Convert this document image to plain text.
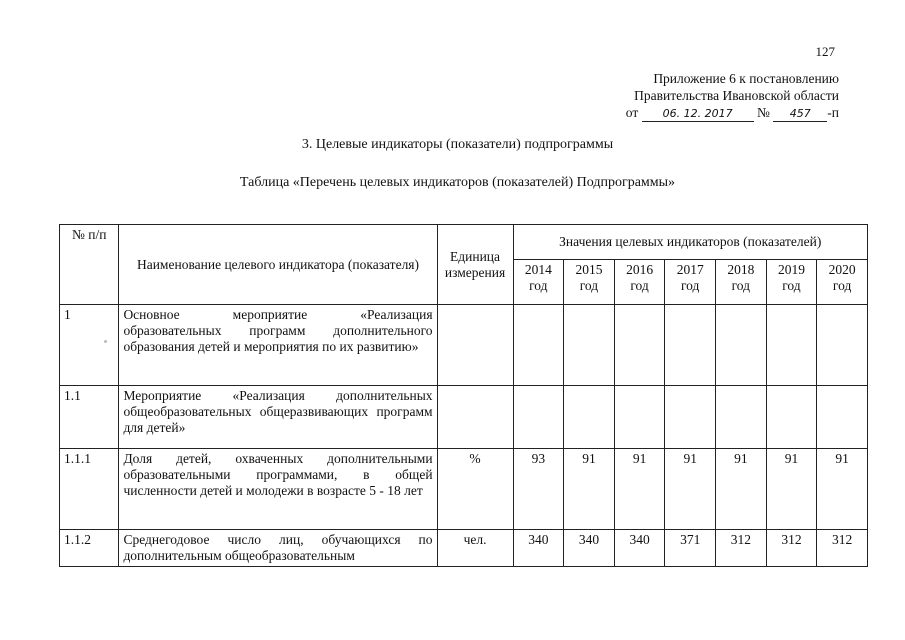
127
Приложение 6 к постановлению
Правительства Ивановской области
от 06. 12. 2017 № 457 -п
3. Целевые индикаторы (показатели) подпрограммы
Таблица «Перечень целевых индикаторов (показателей) Подпрограммы»
№ п/п	Наименование целевого индикатора (показателя)	Единица измерения	Значения целевых индикаторов (показателей)						
			2014 год	2015 год	2016 год	2017 год	2018 год	2019 год	2020 год
1	Основное мероприятие «Реализация образовательных программ дополнительного образования детей и мероприятия по их развитию»								
1.1	Мероприятие «Реализация дополнительных общеобразовательных общеразвивающих программ для детей»								
1.1.1	Доля детей, охваченных дополнительными образовательными программами, в общей численности детей и молодежи в возрасте 5 - 18 лет	%	93	91	91	91	91	91	91
1.1.2	Среднегодовое число лиц, обучающихся по дополнительным общеобразовательным	чел.	340	340	340	371	312	312	312
